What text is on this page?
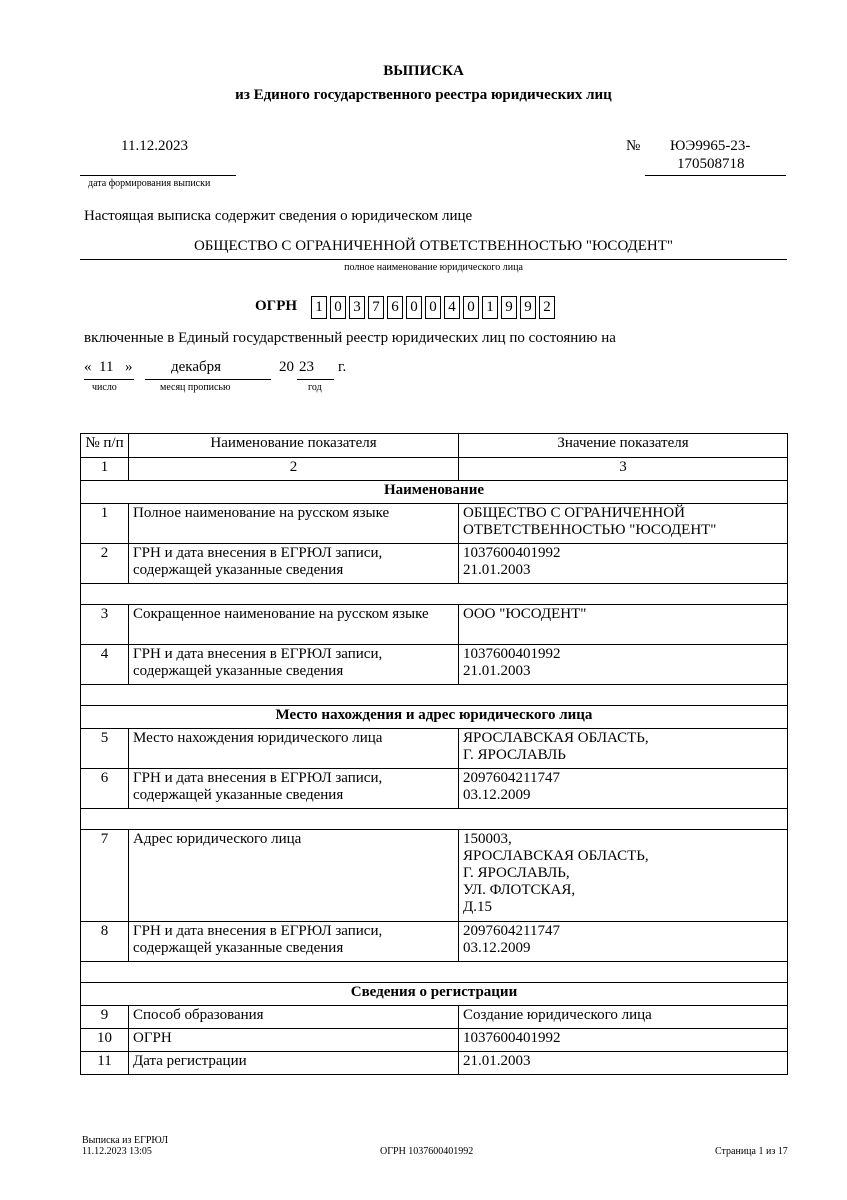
ВЫПИСКА
из Единого государственного реестра юридических лиц
11.12.2023
дата формирования выписки
№ ЮЭ9965-23-
170508718
Настоящая выписка содержит сведения о юридическом лице
ОБЩЕСТВО С ОГРАНИЧЕННОЙ ОТВЕТСТВЕННОСТЬЮ "ЮСОДЕНТ"
полное наименование юридического лица
ОГРН 1 0 3 7 6 0 0 4 0 1 9 9 2
включенные в Единый государственный реестр юридических лиц по состоянию на
« 11 »	декабря	20 23 г.
число	месяц прописью	год
№ п/п	Наименование показателя	Значение показателя
1	2	3
Наименование		
1	Полное наименование на русском языке	ОБЩЕСТВО С ОГРАНИЧЕННОЙ ОТВЕТСТВЕННОСТЬЮ "ЮСОДЕНТ"
2	ГРН и дата внесения в ЕГРЮЛ записи, содержащей указанные сведения	1037600401992
21.01.2003

3	Сокращенное наименование на русском языке	ООО "ЮСОДЕНТ"
4	ГРН и дата внесения в ЕГРЮЛ записи, содержащей указанные сведения	1037600401992
21.01.2003

Место нахождения и адрес юридического лица		
5	Место нахождения юридического лица	ЯРОСЛАВСКАЯ ОБЛАСТЬ,
Г. ЯРОСЛАВЛЬ

6	ГРН и дата внесения в ЕГРЮЛ записи, содержащей указанные сведения	2097604211747
03.12.2009

7	Адрес юридического лица	150003,
ЯРОСЛАВСКАЯ ОБЛАСТЬ,
Г. ЯРОСЛАВЛЬ,
УЛ. ФЛОТСКАЯ,
Д.15

8	ГРН и дата внесения в ЕГРЮЛ записи, содержащей указанные сведения	2097604211747
03.12.2009

Сведения о регистрации		
9	Способ образования	Создание юридического лица
10	ОГРН	1037600401992
11	Дата регистрации	21.01.2003
Выписка из ЕГРЮЛ
11.12.2023 13:05	ОГРН 1037600401992	Страница 1 из 17
